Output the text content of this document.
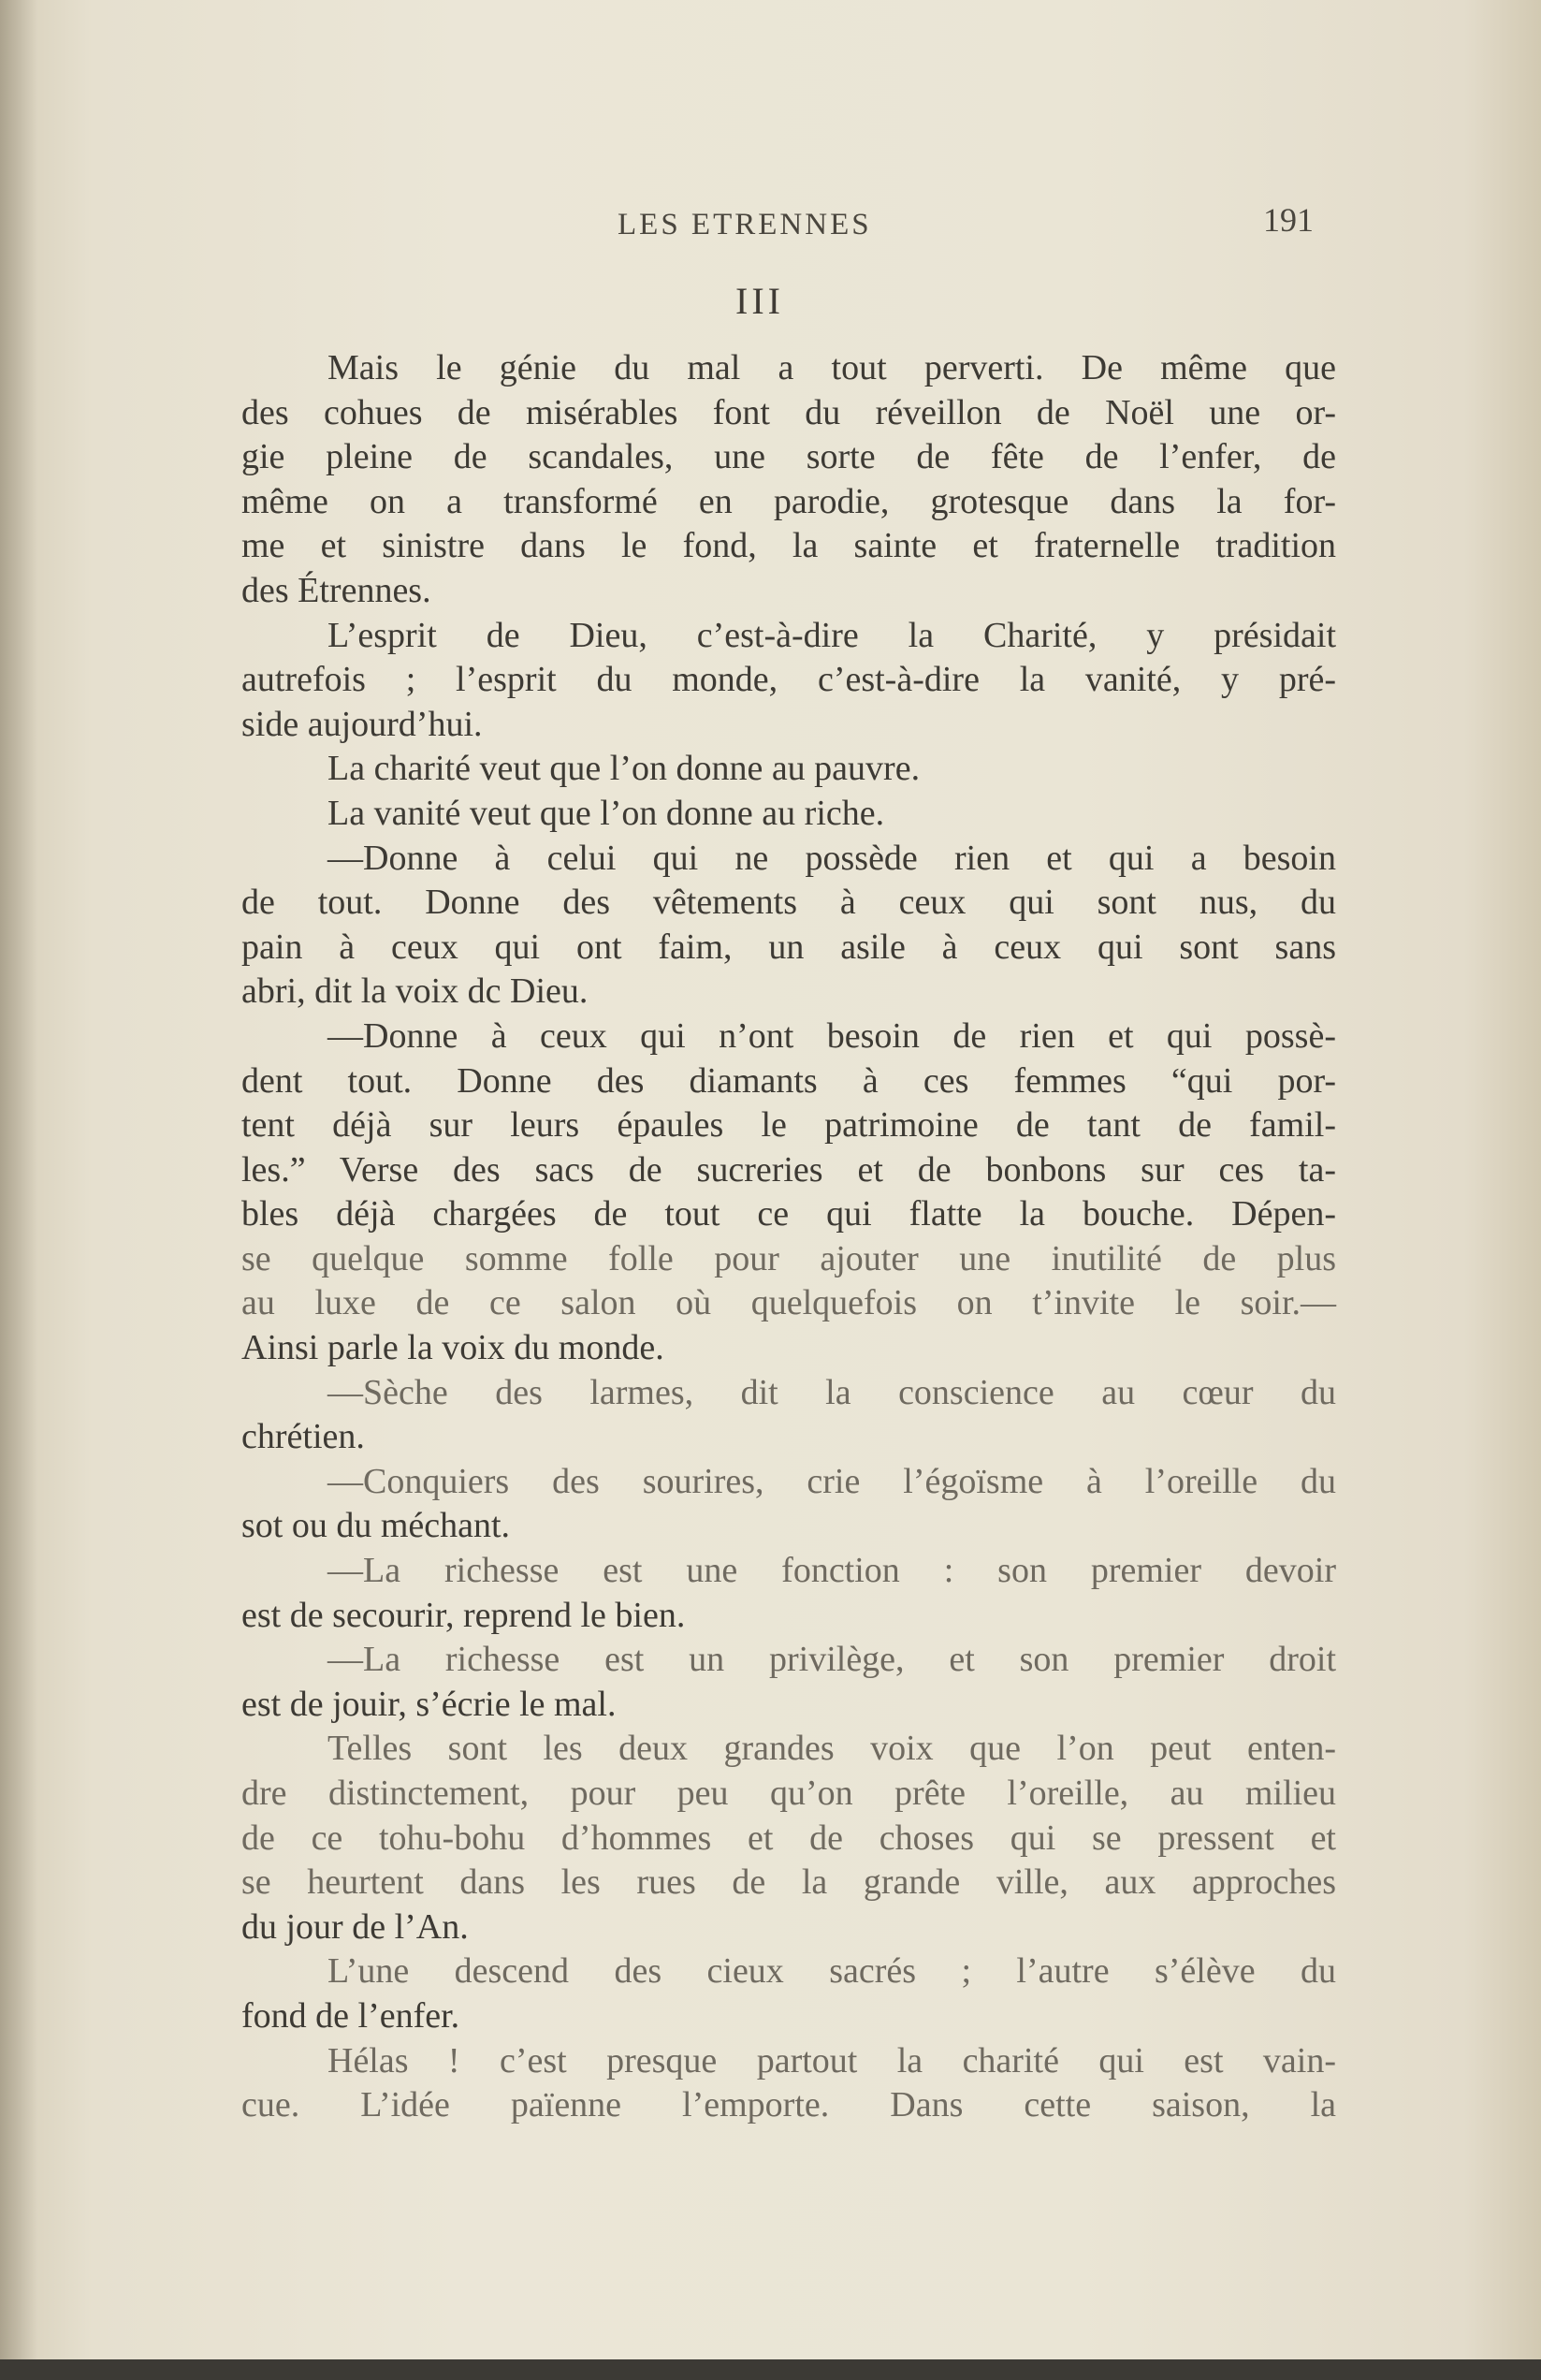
LES ETRENNES	191
III
Mais le génie du mal a tout perverti. De même que
des cohues de misérables font du réveillon de Noël une or-
gie pleine de scandales, une sorte de fête de l’enfer, de
même on a transformé en parodie, grotesque dans la for-
me et sinistre dans le fond, la sainte et fraternelle tradition
des Étrennes.
L’esprit de Dieu, c’est-à-dire la Charité, y présidait
autrefois ; l’esprit du monde, c’est-à-dire la vanité, y pré-
side aujourd’hui.
La charité veut que l’on donne au pauvre.
La vanité veut que l’on donne au riche.
—Donne à celui qui ne possède rien et qui a besoin
de tout. Donne des vêtements à ceux qui sont nus, du
pain à ceux qui ont faim, un asile à ceux qui sont sans
abri, dit la voix dc Dieu.
—Donne à ceux qui n’ont besoin de rien et qui possè-
dent tout. Donne des diamants à ces femmes “qui por-
tent déjà sur leurs épaules le patrimoine de tant de famil-
les.” Verse des sacs de sucreries et de bonbons sur ces ta-
bles déjà chargées de tout ce qui flatte la bouche. Dépen-
se quelque somme folle pour ajouter une inutilité de plus
au luxe de ce salon où quelquefois on t’invite le soir.—
Ainsi parle la voix du monde.
—Sèche des larmes, dit la conscience au cœur du
chrétien.
—Conquiers des sourires, crie l’égoïsme à l’oreille du
sot ou du méchant.
—La richesse est une fonction : son premier devoir
est de secourir, reprend le bien.
—La richesse est un privilège, et son premier droit
est de jouir, s’écrie le mal.
Telles sont les deux grandes voix que l’on peut enten-
dre distinctement, pour peu qu’on prête l’oreille, au milieu
de ce tohu-bohu d’hommes et de choses qui se pressent et
se heurtent dans les rues de la grande ville, aux approches
du jour de l’An.
L’une descend des cieux sacrés ; l’autre s’élève du
fond de l’enfer.
Hélas ! c’est presque partout la charité qui est vain-
cue. L’idée païenne l’emporte. Dans cette saison, la
